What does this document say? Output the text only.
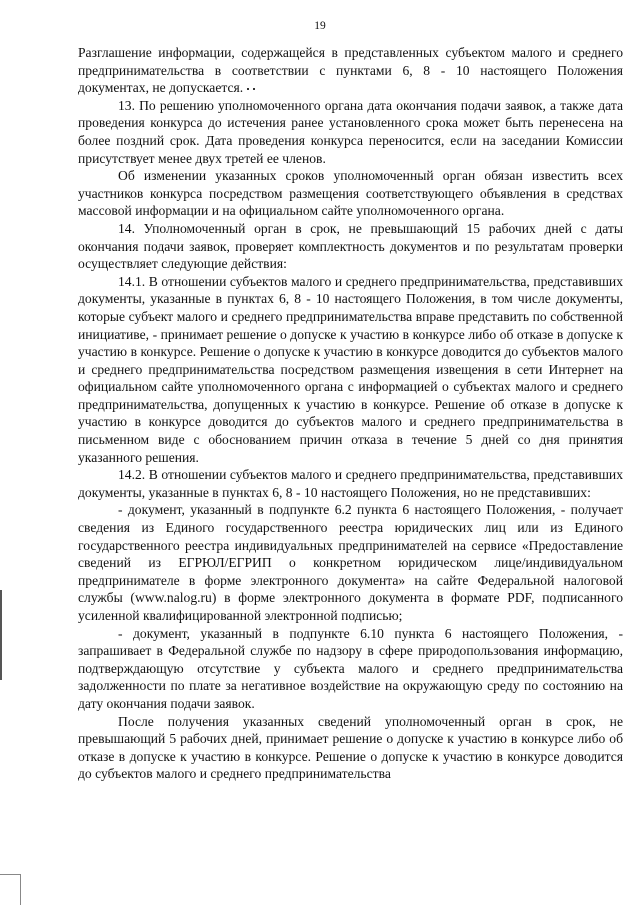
19

Разглашение информации, содержащейся в представленных субъектом малого и среднего предпринимательства в соответствии с пунктами 6, 8 - 10 настоящего Положения документах, не допускается.

13. По решению уполномоченного органа дата окончания подачи заявок, а также дата проведения конкурса до истечения ранее установленного срока может быть перенесена на более поздний срок. Дата проведения конкурса переносится, если на заседании Комиссии присутствует менее двух третей ее членов.

Об изменении указанных сроков уполномоченный орган обязан известить всех участников конкурса посредством размещения соответствующего объявления в средствах массовой информации и на официальном сайте уполномоченного органа.

14. Уполномоченный орган в срок, не превышающий 15 рабочих дней с даты окончания подачи заявок, проверяет комплектность документов и по результатам проверки осуществляет следующие действия:

14.1. В отношении субъектов малого и среднего предпринимательства, представивших документы, указанные в пунктах 6, 8 - 10 настоящего Положения, в том числе документы, которые субъект малого и среднего предпринимательства вправе представить по собственной инициативе, - принимает решение о допуске к участию в конкурсе либо об отказе в допуске к участию в конкурсе. Решение о допуске к участию в конкурсе доводится до субъектов малого и среднего предпринимательства посредством размещения извещения в сети Интернет на официальном сайте уполномоченного органа с информацией о субъектах малого и среднего предпринимательства, допущенных к участию в конкурсе. Решение об отказе в допуске к участию в конкурсе доводится до субъектов малого и среднего предпринимательства в письменном виде с обоснованием причин отказа в течение 5 дней со дня принятия указанного решения.

14.2. В отношении субъектов малого и среднего предпринимательства, представивших документы, указанные в пунктах 6, 8 - 10 настоящего Положения, но не представивших:

- документ, указанный в подпункте 6.2 пункта 6 настоящего Положения, - получает сведения из Единого государственного реестра юридических лиц или из Единого государственного реестра индивидуальных предпринимателей на сервисе «Предоставление сведений из ЕГРЮЛ/ЕГРИП о конкретном юридическом лице/индивидуальном предпринимателе в форме электронного документа» на сайте Федеральной налоговой службы (www.nalog.ru) в форме электронного документа в формате PDF, подписанного усиленной квалифицированной электронной подписью;

- документ, указанный в подпункте 6.10 пункта 6 настоящего Положения, - запрашивает в Федеральной службе по надзору в сфере природопользования информацию, подтверждающую отсутствие у субъекта малого и среднего предпринимательства задолженности по плате за негативное воздействие на окружающую среду по состоянию на дату окончания подачи заявок.

После получения указанных сведений уполномоченный орган в срок, не превышающий 5 рабочих дней, принимает решение о допуске к участию в конкурсе либо об отказе в допуске к участию в конкурсе. Решение о допуске к участию в конкурсе доводится до субъектов малого и среднего предпринимательства
